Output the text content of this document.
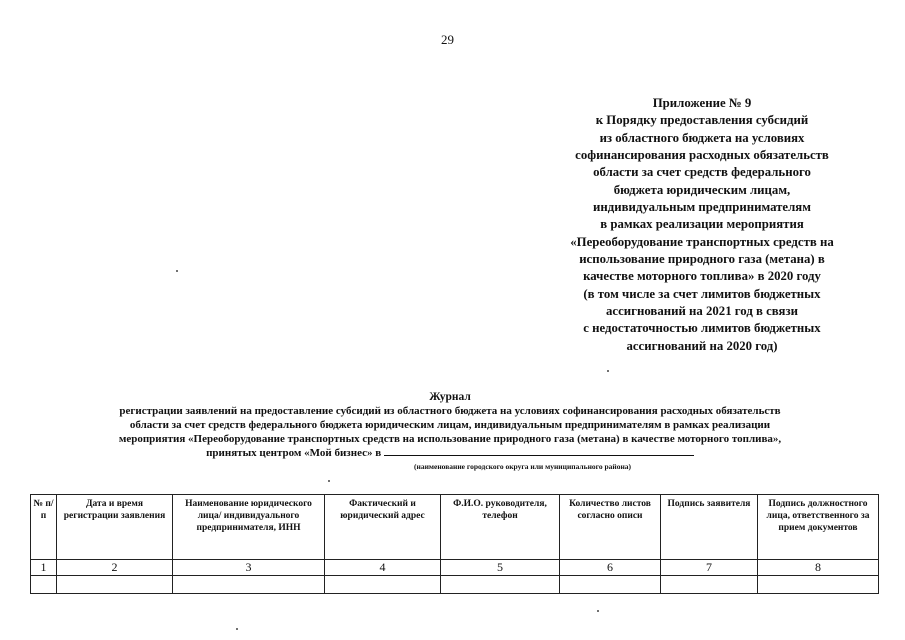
29
Приложение № 9
к Порядку предоставления субсидий
из областного бюджета на условиях
софинансирования расходных обязательств
области за счет средств федерального
бюджета юридическим лицам,
индивидуальным предпринимателям
в рамках реализации мероприятия
«Переоборудование транспортных средств на
использование природного газа (метана) в
качестве моторного топлива» в 2020 году
(в том числе за счет лимитов бюджетных
ассигнований на 2021 год в связи
с недостаточностью лимитов бюджетных
ассигнований на 2020 год)
Журнал
регистрации заявлений на предоставление субсидий из областного бюджета на условиях софинансирования расходных обязательств
области за счет средств федерального бюджета юридическим лицам, индивидуальным предпринимателям в рамках реализации
мероприятия «Переоборудование транспортных средств на использование природного газа (метана) в качестве моторного топлива»,
принятых центром «Мой бизнес» в
(наименование городского округа или муниципального района)
№ п/п	Дата и время регистрации заявления	Наименование юридического лица/ индивидуального предпринимателя, ИНН	Фактический и юридический адрес	Ф.И.О. руководителя, телефон	Количество листов согласно описи	Подпись заявителя	Подпись должностного лица, ответственного за прием документов
1	2	3	4	5	6	7	8
